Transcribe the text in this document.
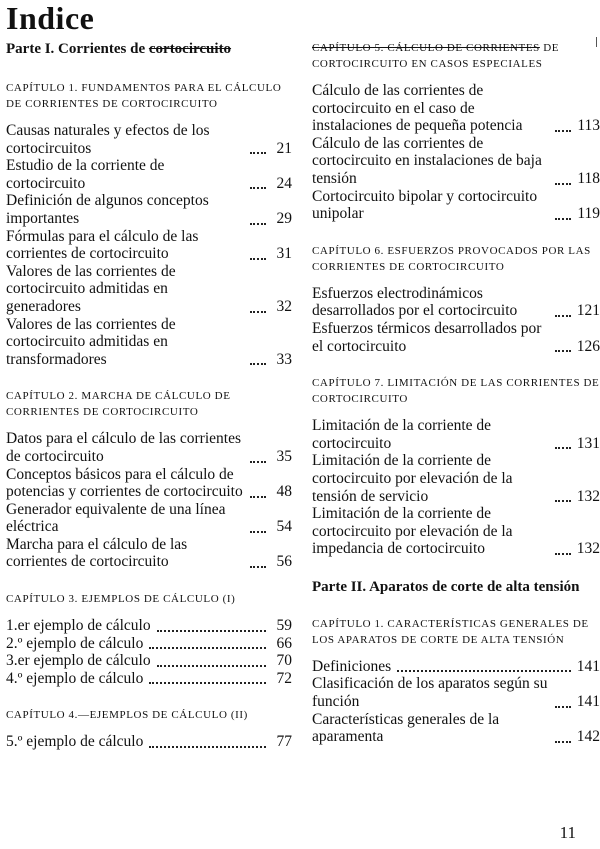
Indice
Parte I. Corrientes de cortocircuito
CAPÍTULO 1. FUNDAMENTOS PARA EL CÁLCULO DE CORRIENTES DE CORTOCIRCUITO
Causas naturales y efectos de los cortocircuitos	21
Estudio de la corriente de cortocircuito	24
Definición de algunos conceptos importantes	29
Fórmulas para el cálculo de las corrientes de cortocircuito	31
Valores de las corrientes de cortocircuito admitidas en generadores	32
Valores de las corrientes de cortocircuito admitidas en transformadores	33
CAPÍTULO 2. MARCHA DE CÁLCULO DE CORRIENTES DE CORTOCIRCUITO
Datos para el cálculo de las corrientes de cortocircuito	35
Conceptos básicos para el cálculo de potencias y corrientes de cortocircuito 48
Generador equivalente de una línea eléctrica	54
Marcha para el cálculo de las corrientes de cortocircuito	56
CAPÍTULO 3. EJEMPLOS DE CÁLCULO (I)
1.er ejemplo de cálculo	59
2.º ejemplo de cálculo	66
3.er ejemplo de cálculo	70
4.º ejemplo de cálculo	72
CAPÍTULO 4.—EJEMPLOS DE CÁLCULO (II)
5.º ejemplo de cálculo	77
CAPÍTULO 5. CÁLCULO DE CORRIENTES DE CORTOCIRCUITO EN CASOS ESPECIALES
Cálculo de las corrientes de cortocircuito en el caso de instalaciones de pequeña potencia	113
Cálculo de las corrientes de cortocircuito en instalaciones de baja tensión	118
Cortocircuito bipolar y cortocircuito unipolar	119
CAPÍTULO 6. ESFUERZOS PROVOCADOS POR LAS CORRIENTES DE CORTOCIRCUITO
Esfuerzos electrodinámicos desarrollados por el cortocircuito	121
Esfuerzos térmicos desarrollados por el cortocircuito	126
CAPÍTULO 7. LIMITACIÓN DE LAS CORRIENTES DE CORTOCIRCUITO
Limitación de la corriente de cortocircuito	131
Limitación de la corriente de cortocircuito por elevación de la tensión de servicio	132
Limitación de la corriente de cortocircuito por elevación de la impedancia de cortocircuito	132
Parte II. Aparatos de corte de alta tensión
CAPÍTULO 1. CARACTERÍSTICAS GENERALES DE LOS APARATOS DE CORTE DE ALTA TENSIÓN
Definiciones	141
Clasificación de los aparatos según su función	141
Características generales de la aparamenta	142
11
